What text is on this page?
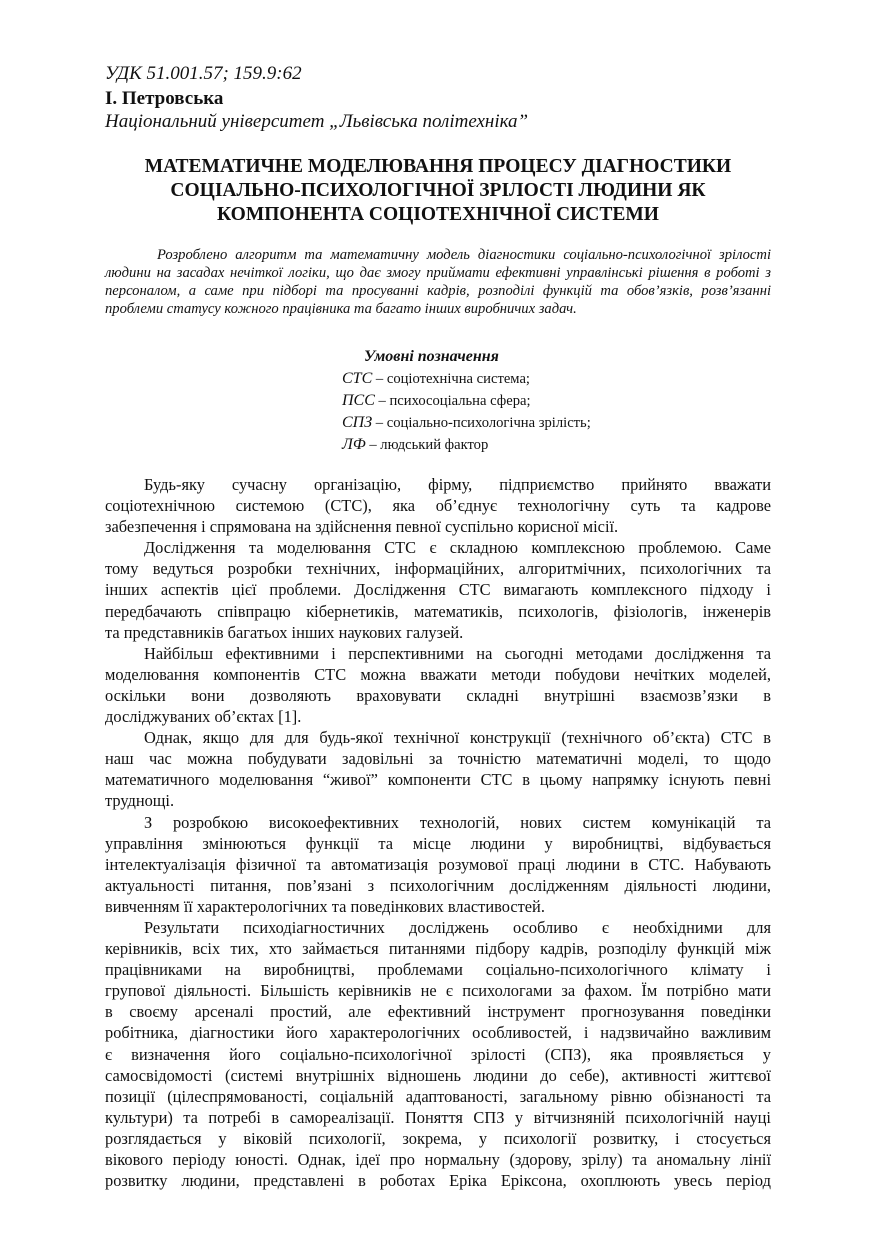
УДК 51.001.57; 159.9:62
І. Петровська
Національний університет „Львівська політехніка”
МАТЕМАТИЧНЕ МОДЕЛЮВАННЯ ПРОЦЕСУ ДІАГНОСТИКИ
СОЦІАЛЬНО-ПСИХОЛОГІЧНОЇ ЗРІЛОСТІ ЛЮДИНИ ЯК
КОМПОНЕНТА СОЦІОТЕХНІЧНОЇ СИСТЕМИ
Розроблено алгоритм та математичну модель діагностики соціально-психологічної зрілості
людини на засадах нечіткої логіки, що дає змогу приймати ефективні управлінські рішення в роботі з
персоналом, а саме при підборі та просуванні кадрів, розподілі функцій та обов’язків, розв’язанні
проблеми статусу кожного працівника та багато інших виробничих задач.
Умовні позначення
СТС – соціотехнічна система;
ПСС – психосоціальна сфера;
СПЗ – соціально-психологічна зрілість;
ЛФ – людський фактор
Будь-яку сучасну організацію, фірму, підприємство прийнято вважати
соціотехнічною системою (СТС), яка об’єднує технологічну суть та кадрове
забезпечення і спрямована на здійснення певної суспільно корисної місії.
Дослідження та моделювання СТС є складною комплексною проблемою. Саме
тому ведуться розробки технічних, інформаційних, алгоритмічних, психологічних та
інших аспектів цієї проблеми. Дослідження СТС вимагають комплексного підходу і
передбачають співпрацю кібернетиків, математиків, психологів, фізіологів, інженерів
та представників багатьох інших наукових галузей.
Найбільш ефективними і перспективними на сьогодні методами дослідження та
моделювання компонентів СТС можна вважати методи побудови нечітких моделей,
оскільки вони дозволяють враховувати складні внутрішні взаємозв’язки в
досліджуваних об’єктах [1].
Однак, якщо для для будь-якої технічної конструкції (технічного об’єкта) СТС в
наш час можна побудувати задовільні за точністю математичні моделі, то щодо
математичного моделювання “живої” компоненти СТС в цьому напрямку існують певні
труднощі.
З розробкою високоефективних технологій, нових систем комунікацій та
управління змінюються функції та місце людини у виробництві, відбувається
інтелектуалізація фізичної та автоматизація розумової праці людини в СТС. Набувають
актуальності питання, пов’язані з психологічним дослідженням діяльності людини,
вивченням її характерологічних та поведінкових властивостей.
Результати психодіагностичних досліджень особливо є необхідними для
керівників, всіх тих, хто займається питаннями підбору кадрів, розподілу функцій між
працівниками на виробництві, проблемами соціально-психологічного клімату і
групової діяльності. Більшість керівників не є психологами за фахом. Їм потрібно мати
в своєму арсеналі простий, але ефективний інструмент прогнозування поведінки
робітника, діагностики його характерологічних особливостей, і надзвичайно важливим
є визначення його соціально-психологічної зрілості (СПЗ), яка проявляється у
самосвідомості (системі внутрішніх відношень людини до себе), активності життєвої
позиції (цілеспрямованості, соціальній адаптованості, загальному рівню обізнаності та
культури) та потребі в самореалізації. Поняття СПЗ у вітчизняній психологічній науці
розглядається у віковій психології, зокрема, у психології розвитку, і стосується
вікового періоду юності. Однак, ідеї про нормальну (здорову, зрілу) та аномальну лінії
розвитку людини, представлені в роботах Еріка Еріксона, охоплюють увесь період
